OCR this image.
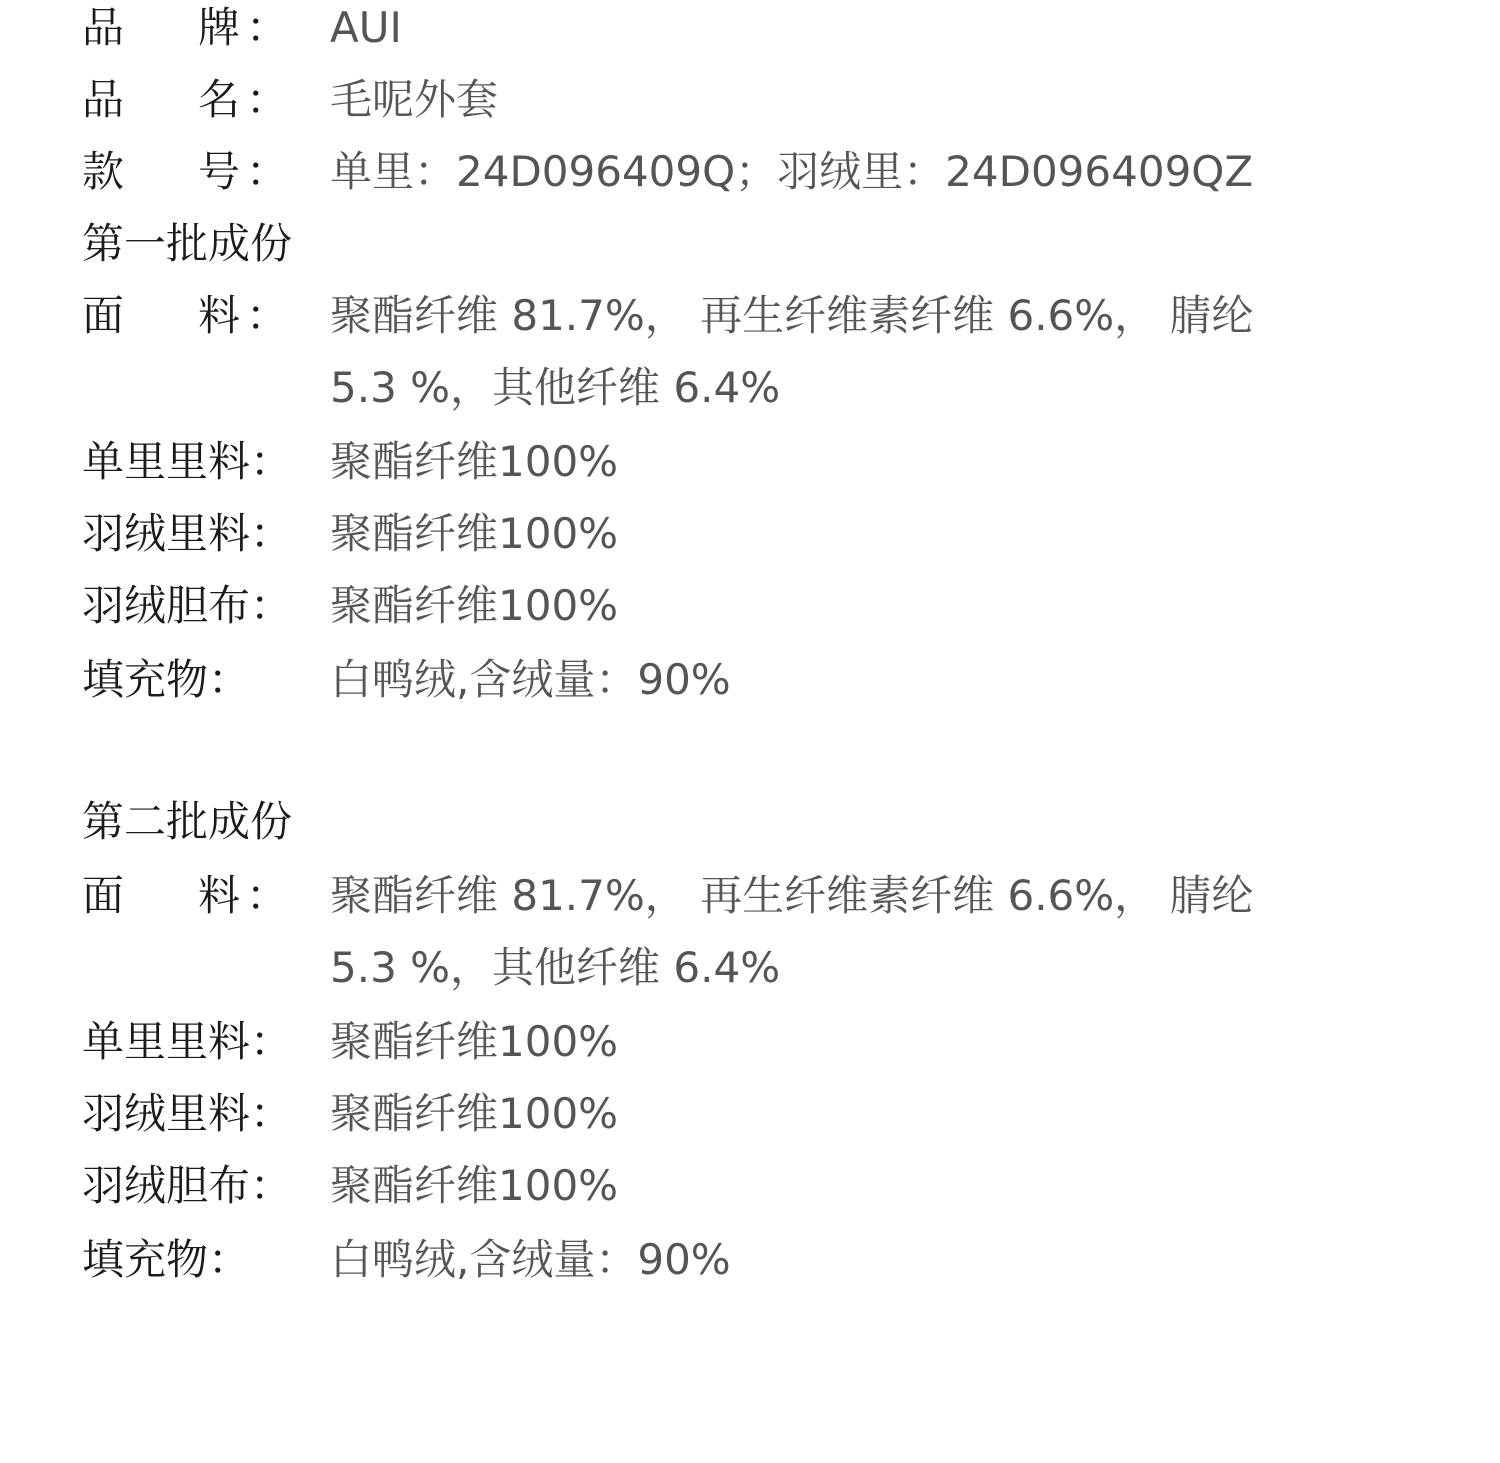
品 牌 ： AUI
品 名 ： 毛呢外套
款 号 ： 单里：24D096409Q；羽绒里：24D096409QZ
第一批成份
面 料 ： 聚酯纤维 81.7%， 再生纤维素纤维 6.6%， 腈纶
5.3 %，其他纤维 6.4%
单里里料： 聚酯纤维100%
羽绒里料： 聚酯纤维100%
羽绒胆布： 聚酯纤维100%
填充物：	白鸭绒,含绒量：90%
第二批成份
面 料 ： 聚酯纤维 81.7%， 再生纤维素纤维 6.6%， 腈纶
5.3 %，其他纤维 6.4%
单里里料： 聚酯纤维100%
羽绒里料： 聚酯纤维100%
羽绒胆布： 聚酯纤维100%
填充物：	白鸭绒,含绒量：90%
